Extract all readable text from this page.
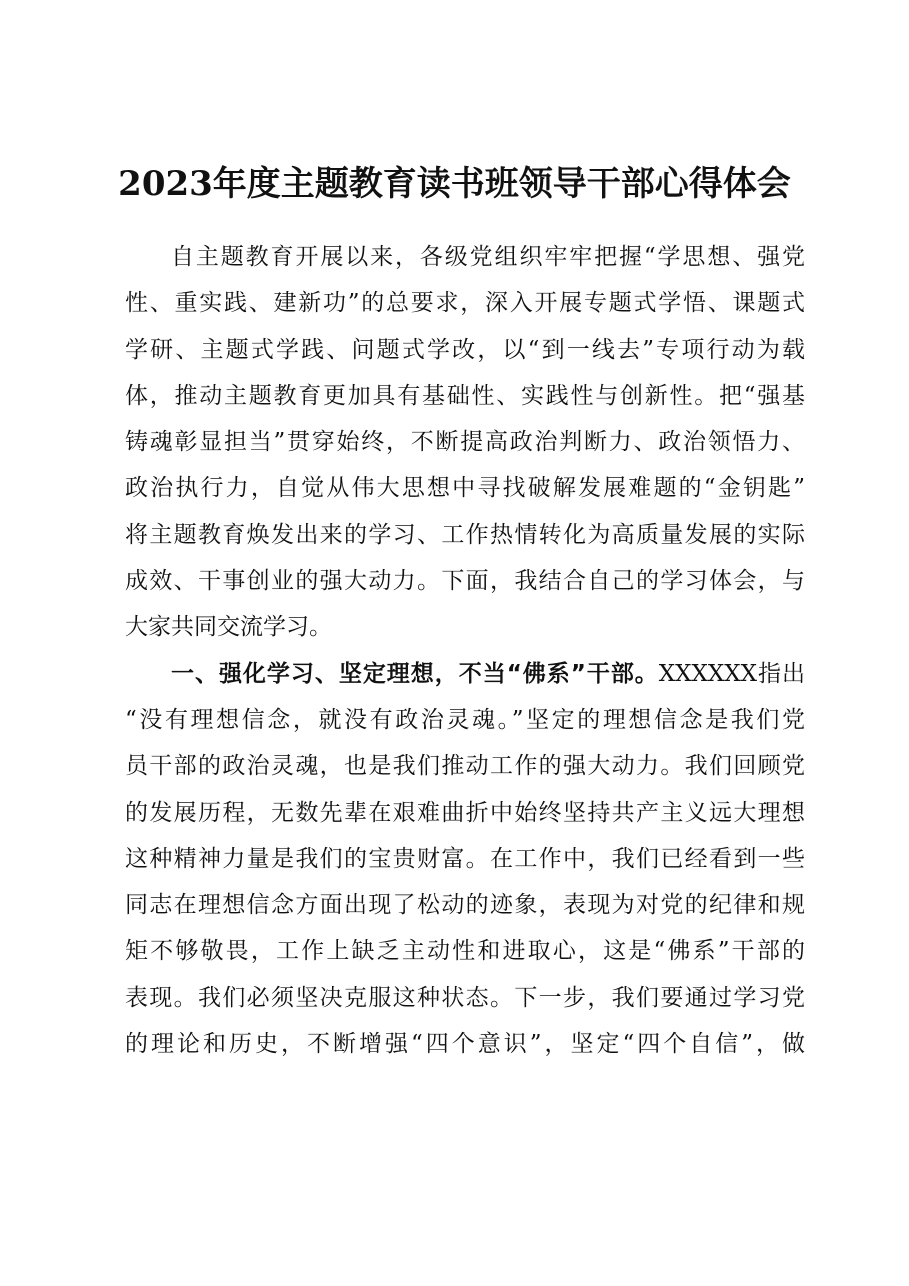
2023年度主题教育读书班领导干部心得体会
自主题教育开展以来，各级党组织牢牢把握“学思想、强党
性、重实践、建新功”的总要求，深入开展专题式学悟、课题式
学研、主题式学践、问题式学改，以“到一线去”专项行动为载
体，推动主题教育更加具有基础性、实践性与创新性。把“强基
铸魂彰显担当”贯穿始终，不断提高政治判断力、政治领悟力、
政治执行力，自觉从伟大思想中寻找破解发展难题的“金钥匙”
将主题教育焕发出来的学习、工作热情转化为高质量发展的实际
成效、干事创业的强大动力。下面，我结合自己的学习体会，与
大家共同交流学习。
一、强化学习、坚定理想，不当“佛系”干部。XXXXXX指出
“没有理想信念，就没有政治灵魂。”坚定的理想信念是我们党
员干部的政治灵魂，也是我们推动工作的强大动力。我们回顾党
的发展历程，无数先辈在艰难曲折中始终坚持共产主义远大理想
这种精神力量是我们的宝贵财富。在工作中，我们已经看到一些
同志在理想信念方面出现了松动的迹象，表现为对党的纪律和规
矩不够敬畏，工作上缺乏主动性和进取心，这是“佛系”干部的
表现。我们必须坚决克服这种状态。下一步，我们要通过学习党
的理论和历史，不断增强“四个意识”，坚定“四个自信”，做
